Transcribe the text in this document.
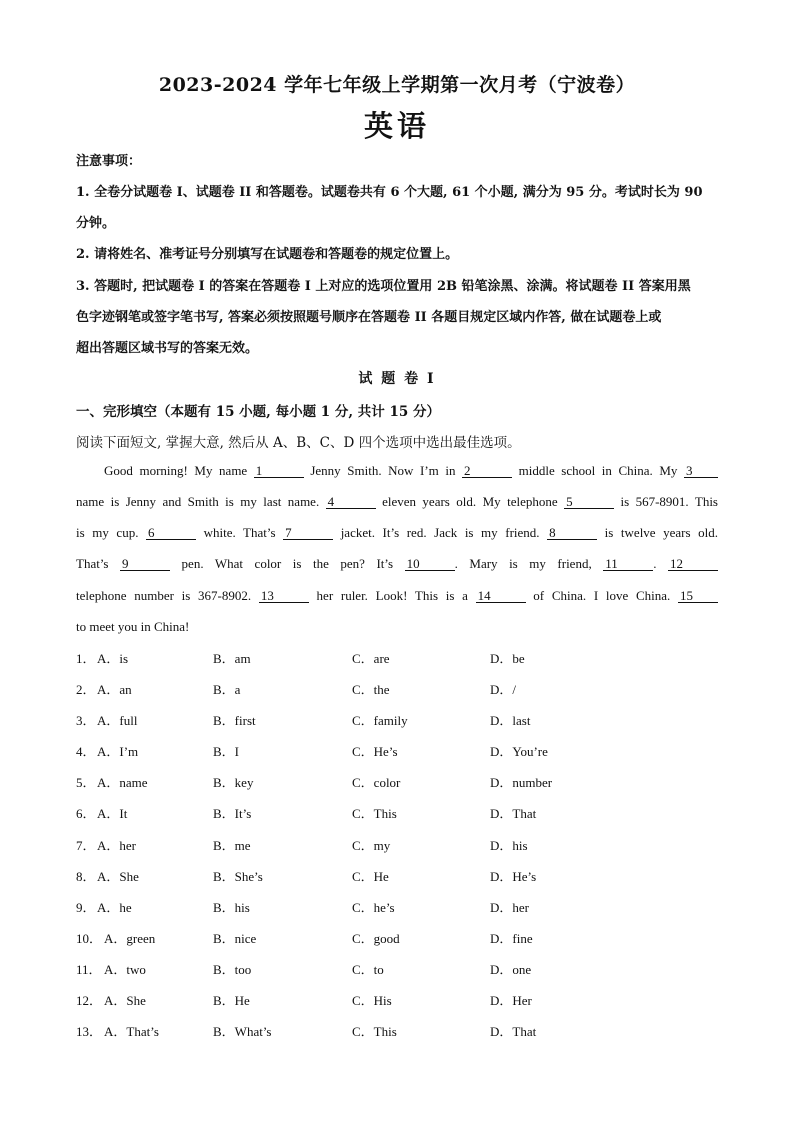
2023-2024 学年七年级上学期第一次月考（宁波卷）
英语
注意事项：
1. 全卷分试题卷 I、试题卷 II 和答题卷。试题卷共有 6 个大题, 61 个小题, 满分为 95 分。考试时长为 90
分钟。
2. 请将姓名、准考证号分别填写在试题卷和答题卷的规定位置上。
3. 答题时, 把试题卷 I 的答案在答题卷 I 上对应的选项位置用 2B 铅笔涂黑、涂满。将试题卷 II 答案用黑
色字迹钢笔或签字笔书写, 答案必须按照题号顺序在答题卷 II 各题目规定区域内作答, 做在试题卷上或
超出答题区域书写的答案无效。
试 题 卷 I
一、完形填空（本题有 15 小题, 每小题 1 分, 共计 15 分）
阅读下面短文, 掌握大意, 然后从 A、B、C、D 四个选项中选出最佳选项。
Good morning! My name 1	Jenny Smith. Now I’m in 2	middle school in China. My 3
name is Jenny and Smith is my last name. 4	eleven years old. My telephone 5	is 567-8901. This
is my cup. 6	white. That’s 7	jacket. It’s red. Jack is my friend. 8	is twelve years old.
That’s 9	pen. What color is the pen? It’s 10	. Mary is my friend, 11	. 12
telephone number is 367-8902. 13	her ruler. Look! This is a 14	of China. I love China. 15
to meet you in China!
1． A．is	B．am	C．are	D．be
2． A．an	B．a	C．the	D．/
3． A．full	B．first	C．family	D．last
4． A．I’m	B．I	C．He’s	D．You’re
5． A．name	B．key	C．color	D．number
6． A．It	B．It’s	C．This	D．That
7． A．her	B．me	C．my	D．his
8． A．She	B．She’s	C．He	D．He’s
9． A．he	B．his	C．he’s	D．her
10． A．green	B．nice	C．good	D．fine
11． A．two	B．too	C．to	D．one
12． A．She	B．He	C．His	D．Her
13． A．That’s	B．What’s	C．This	D．That
